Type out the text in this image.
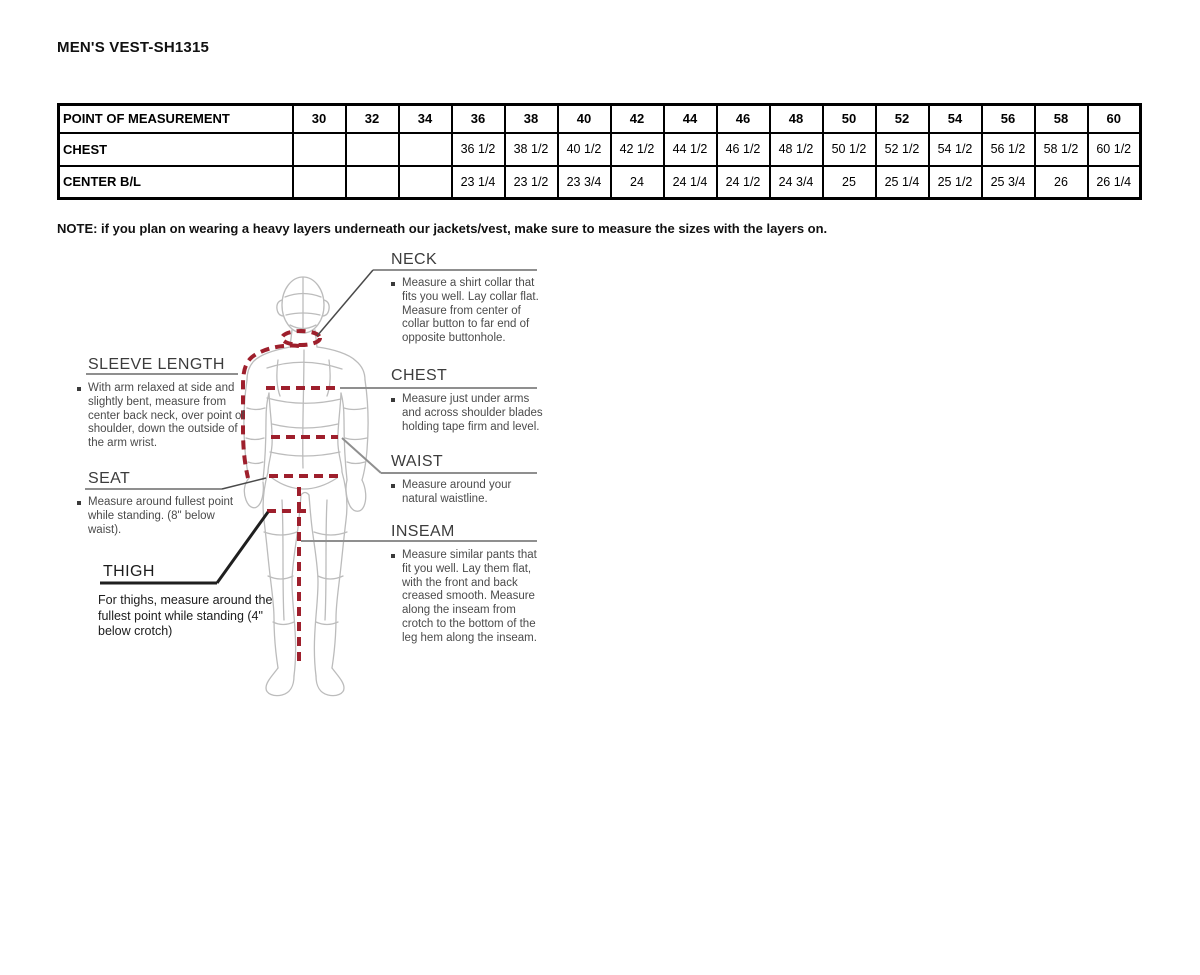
MEN'S VEST-SH1315
POINT OF MEASUREMENT	30	32	34	36	38	40	42	44	46	48	50	52	54	56	58	60
CHEST				36 1/2	38 1/2	40 1/2	42 1/2	44 1/2	46 1/2	48 1/2	50 1/2	52 1/2	54 1/2	56 1/2	58 1/2	60 1/2
CENTER B/L				23 1/4	23 1/2	23 3/4	24	24 1/4	24 1/2	24 3/4	25	25 1/4	25 1/2	25 3/4	26	26 1/4
NOTE: if you plan on wearing a heavy layers underneath our jackets/vest, make sure to measure the sizes with the layers on.
NECK
Measure a shirt collar that fits you well. Lay collar flat. Measure from center of collar button to far end of opposite buttonhole.
SLEEVE LENGTH
With arm relaxed at side and slightly bent, measure from center back neck, over point of shoulder, down the outside of the arm wrist.
CHEST
Measure just under arms and across shoulder blades holding tape firm and level.
WAIST
Measure around your natural waistline.
SEAT
Measure around fullest point while standing. (8" below waist).
THIGH
For thighs, measure around the fullest point while standing (4" below crotch)
INSEAM
Measure similar pants that fit you well. Lay them flat, with the front and back creased smooth. Measure along the inseam from crotch to the bottom of the leg hem along the inseam.
